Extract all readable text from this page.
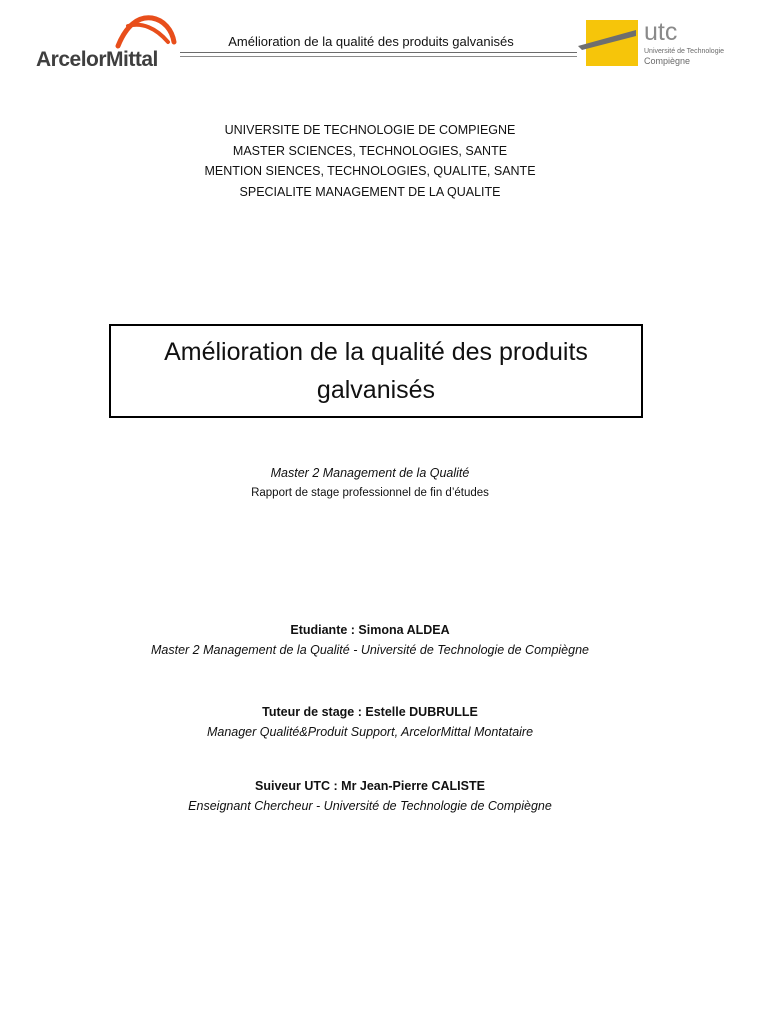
ArcelorMittal
Amélioration de la qualité des produits galvanisés	utc
Université de Technologie
Compiègne
UNIVERSITE DE TECHNOLOGIE DE COMPIEGNE
MASTER SCIENCES, TECHNOLOGIES, SANTE
MENTION SIENCES, TECHNOLOGIES, QUALITE, SANTE
SPECIALITE MANAGEMENT DE LA QUALITE
Amélioration de la qualité des produits galvanisés
Master 2 Management de la Qualité
Rapport de stage professionnel de fin d’études
Etudiante : Simona ALDEA
Master 2 Management de la Qualité - Université de Technologie de Compiègne
Tuteur de stage : Estelle DUBRULLE
Manager Qualité&Produit Support, ArcelorMittal Montataire
Suiveur UTC : Mr Jean-Pierre CALISTE
Enseignant Chercheur - Université de Technologie de Compiègne
